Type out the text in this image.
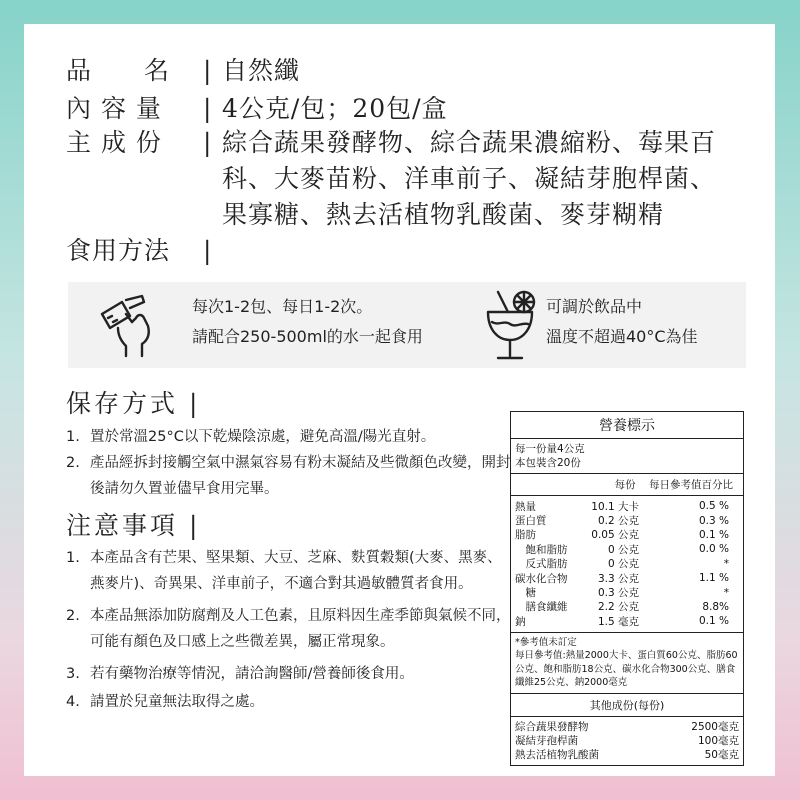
品　　名	| 自然纖
內 容 量	| 4公克/包；20包/盒
主 成 份	| 綜合蔬果發酵物、綜合蔬果濃縮粉、莓果百
科、大麥苗粉、洋車前子、凝結芽胞桿菌、
果寡糖、熱去活植物乳酸菌、麥芽糊精
食用方法	|
每次1-2包、每日1-2次。
請配合250-500ml的水一起食用
可調於飲品中
溫度不超過40°C為佳
保存方式 |
1. 置於常溫25°C以下乾燥陰涼處，避免高溫/陽光直射。
2. 產品經拆封接觸空氣中濕氣容易有粉末凝結及些微顏色改變，開封後請勿久置並儘早食用完畢。
注意事項 |
1. 本產品含有芒果、堅果類、大豆、芝麻、麩質穀類(大麥、黑麥、燕麥片)、奇異果、洋車前子，不適合對其過敏體質者食用。
2. 本產品無添加防腐劑及人工色素，且原料因生產季節與氣候不同，可能有顏色及口感上之些微差異，屬正常現象。
3. 若有藥物治療等情況，請洽詢醫師/營養師後食用。
4. 請置於兒童無法取得之處。
營養標示
每一份量4公克
本包裝含20份
每份	每日參考值百分比
熱量	10.1 大卡	0.5 %
蛋白質	0.2 公克	0.3 %
脂肪	0.05 公克	0.1 %
　飽和脂肪	0 公克	0.0 %
　反式脂肪	0 公克	*
碳水化合物	3.3 公克	1.1 %
　糖	0.3 公克	*
　膳食纖維	2.2 公克	8.8%
鈉	1.5 毫克	0.1 %
*參考值未訂定
每日參考值:熱量2000大卡、蛋白質60公克、脂肪60公克、飽和脂肪18公克、碳水化合物300公克、膳食纖維25公克、鈉2000毫克
其他成份(每份)
綜合蔬果發酵物	2500毫克
凝結芽孢桿菌	100毫克
熱去活植物乳酸菌	50毫克
